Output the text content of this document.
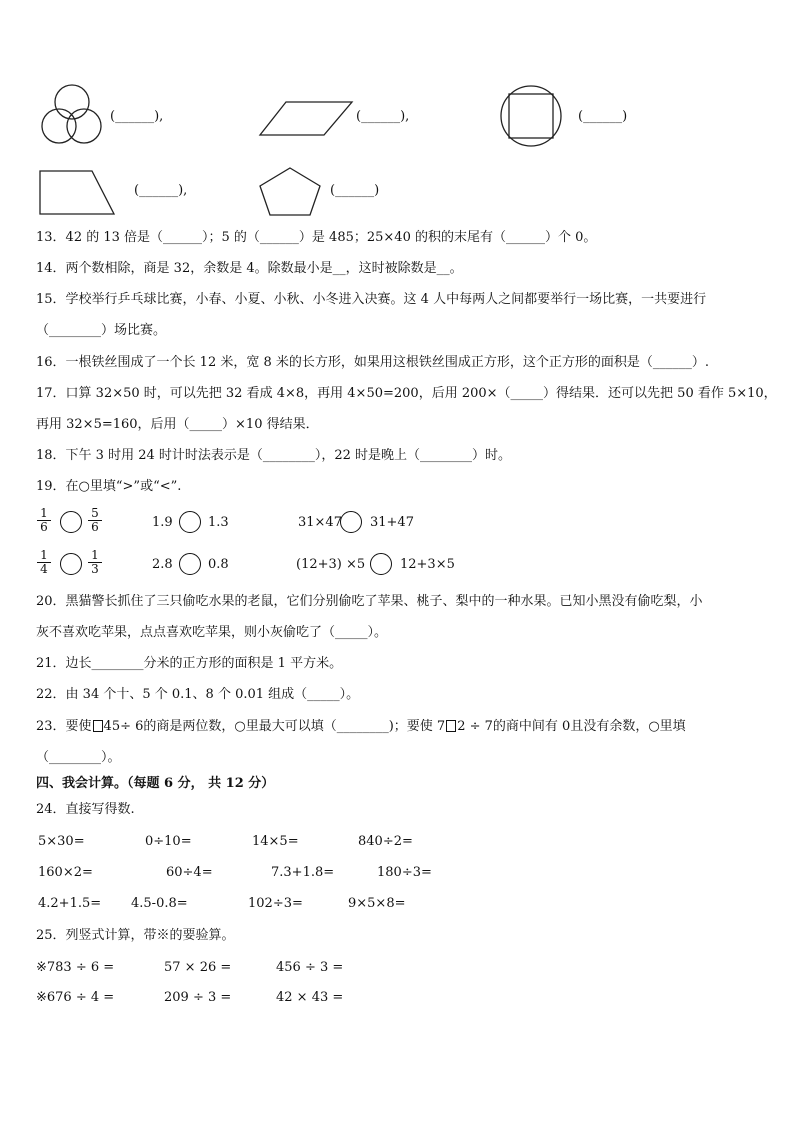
(______),	(______),	(______)
(______),	(______)
13．42 的 13 倍是（______）；5 的（______）是 485；25×40 的积的末尾有（______）个 0。
14．两个数相除，商是 32，余数是 4。除数最小是__，这时被除数是__。
15．学校举行乒乓球比赛，小春、小夏、小秋、小冬进入决赛。这 4 人中每两人之间都要举行一场比赛，一共要进行
（________）场比赛。
16．一根铁丝围成了一个长 12 米，宽 8 米的长方形，如果用这根铁丝围成正方形，这个正方形的面积是（______）.
17．口算 32×50 时，可以先把 32 看成 4×8，再用 4×50=200，后用 200×（_____）得结果．还可以先把 50 看作 5×10，
再用 32×5=160，后用（_____）×10 得结果．
18．下午 3 时用 24 时计时法表示是（________），22 时是晚上（________）时。
19．在○里填“>”或“<”.
$\frac{1}{6}$	$\frac{5}{6}$	1.9	1.3	31×47 31+47
$\frac{1}{4}$	$\frac{1}{3}$	2.8	0.8	(12+3) ×5	12+3×5
20．黑猫警长抓住了三只偷吃水果的老鼠，它们分别偷吃了苹果、桃子、梨中的一种水果。已知小黑没有偷吃梨，小
灰不喜欢吃苹果，点点喜欢吃苹果，则小灰偷吃了（_____）。
21．边长________分米的正方形的面积是 1 平方米。
22．由 34 个十、5 个 0.1、8 个 0.01 组成（_____）。
23．要使 45÷ 6的商是两位数，○里最大可以填（________)；要使 7 2 ÷ 7的商中间有 0且没有余数，○里填
（________）。
四、我会计算。（每题 6 分， 共 12 分）
24．直接写得数.
5×30=	0÷10=	14×5=	840÷2=
160×2=	60÷4=	7.3+1.8=	180÷3=
4.2+1.5= 4.5-0.8=	102÷3=	9×5×8=
25．列竖式计算，带※的要验算。
※783 ÷ 6 =	57 × 26 =	456 ÷ 3 =
※676 ÷ 4 =	209 ÷ 3 =	42 × 43 =
